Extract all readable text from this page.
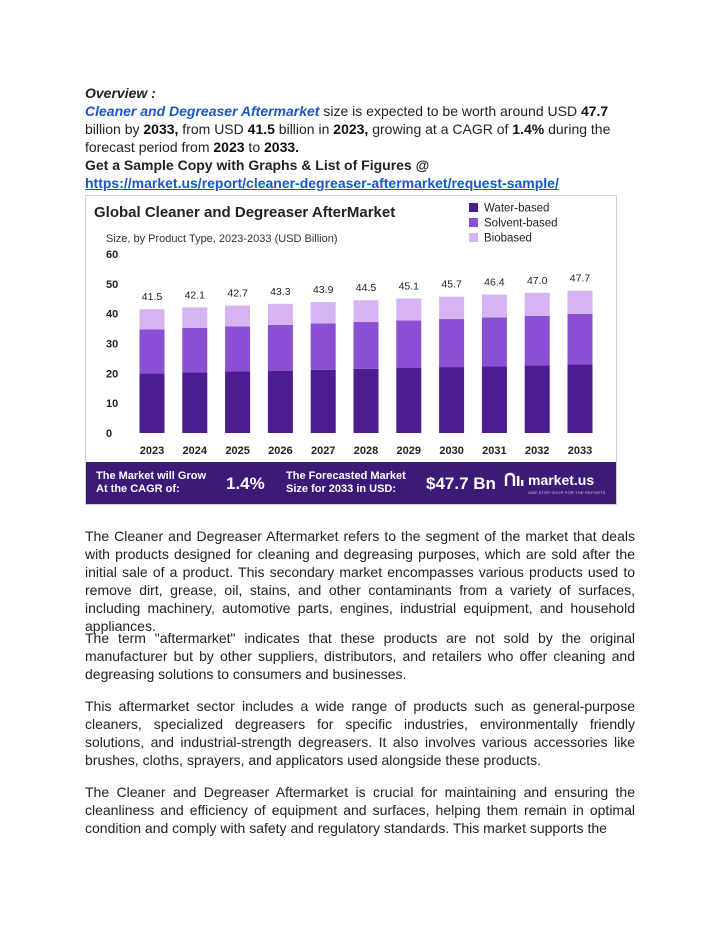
Overview :
Cleaner and Degreaser Aftermarket size is expected to be worth around USD 47.7 billion by 2033, from USD 41.5 billion in 2023, growing at a CAGR of 1.4% during the forecast period from 2023 to 2033.
Get a Sample Copy with Graphs & List of Figures @
https://market.us/report/cleaner-degreaser-aftermarket/request-sample/
Global Cleaner and Degreaser AfterMarket
Size, by Product Type, 2023-2033 (USD Billion)
Water-based
Solvent-based
Biobased
0
10
20
30
40
50
60
41.5 42.1 42.7 43.3 43.9 44.5 45.1 45.7 46.4 47.0 47.7
2023 2024 2025 2026 2027 2028 2029 2030 2031 2032 2033
The Market will Grow
At the CAGR of:	1.4% The Forecasted Market
Size for 2033 in USD:	$47.7 Bn market.us
ONE STOP SHOP FOR THE REPORTS
The Cleaner and Degreaser Aftermarket refers to the segment of the market that deals with products designed for cleaning and degreasing purposes, which are sold after the initial sale of a product. This secondary market encompasses various products used to remove dirt, grease, oil, stains, and other contaminants from a variety of surfaces, including machinery, automotive parts, engines, industrial equipment, and household appliances.
The term "aftermarket" indicates that these products are not sold by the original manufacturer but by other suppliers, distributors, and retailers who offer cleaning and degreasing solutions to consumers and businesses.
This aftermarket sector includes a wide range of products such as general-purpose cleaners, specialized degreasers for specific industries, environmentally friendly solutions, and industrial-strength degreasers. It also involves various accessories like brushes, cloths, sprayers, and applicators used alongside these products.
The Cleaner and Degreaser Aftermarket is crucial for maintaining and ensuring the cleanliness and efficiency of equipment and surfaces, helping them remain in optimal condition and comply with safety and regulatory standards. This market supports the
